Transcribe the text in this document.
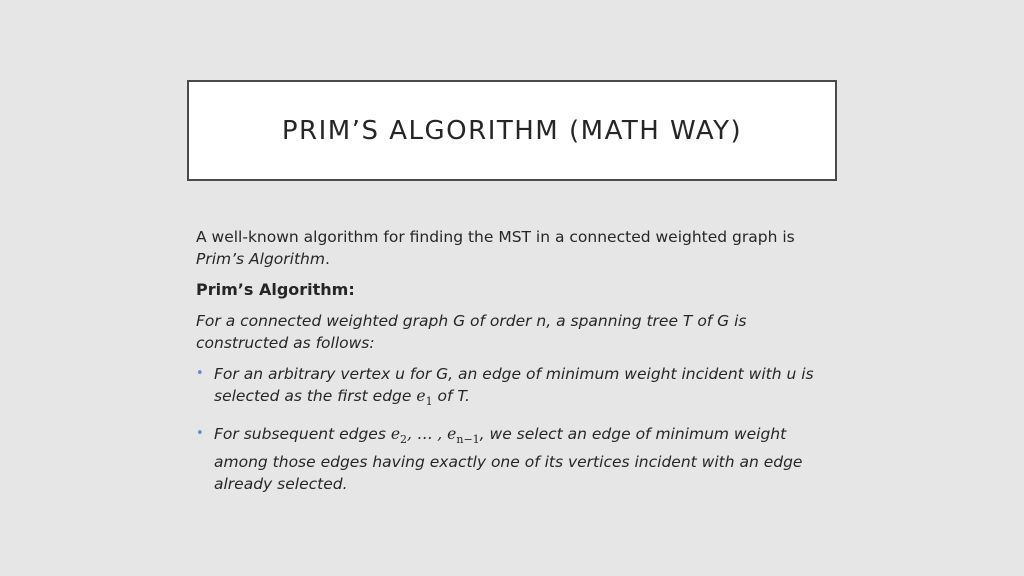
PRIM’S ALGORITHM (MATH WAY)

A well-known algorithm for finding the MST in a connected weighted graph is
Prim’s Algorithm.

Prim’s Algorithm:

For a connected weighted graph G of order n, a spanning tree T of G is constructed as follows:

• For an arbitrary vertex u for G, an edge of minimum weight incident with u is selected as the first edge $e_1$ of T.
• For subsequent edges $e_2$, … , $e_{n-1}$, we select an edge of minimum weight among those edges having exactly one of its vertices incident with an edge already selected.
